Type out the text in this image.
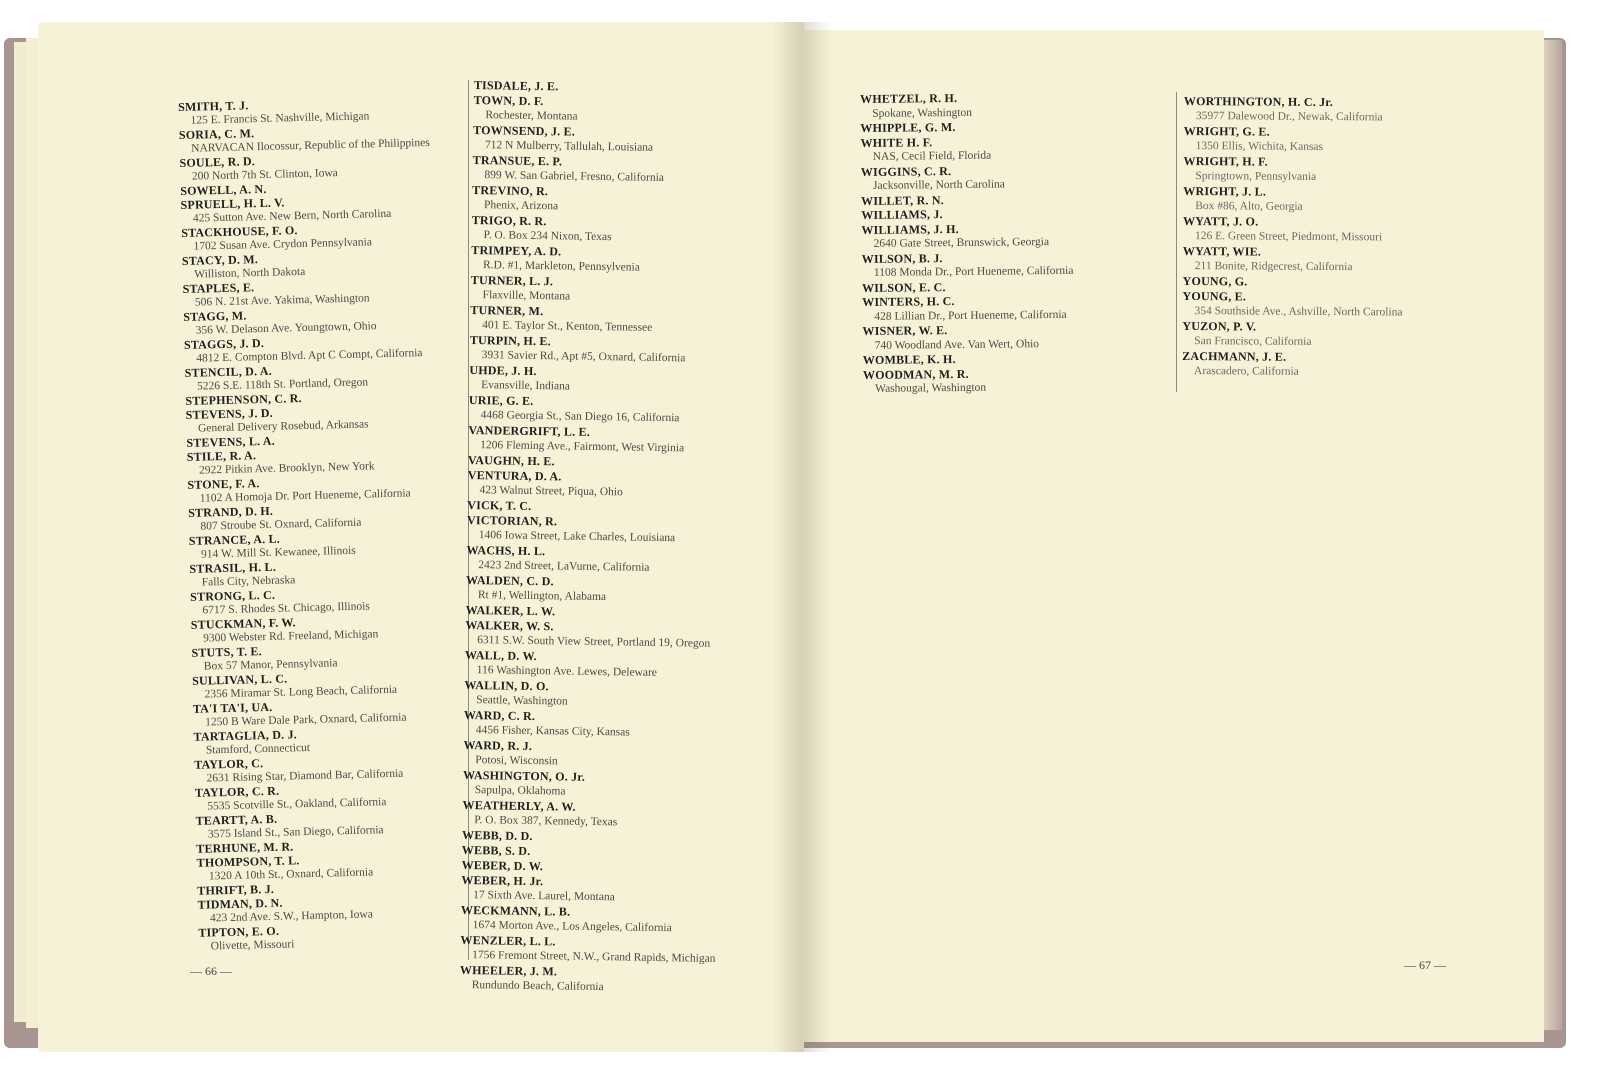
SMITH, T. J.
125 E. Francis St. Nashville, Michigan
SORIA, C. M.
NARVACAN Ilocossur, Republic of the Philippines
SOULE, R. D.
200 North 7th St. Clinton, Iowa
SOWELL, A. N.
SPRUELL, H. L. V.
425 Sutton Ave. New Bern, North Carolina
STACKHOUSE, F. O.
1702 Susan Ave. Crydon Pennsylvania
STACY, D. M.
Williston, North Dakota
STAPLES, E.
506 N. 21st Ave. Yakima, Washington
STAGG, M.
356 W. Delason Ave. Youngtown, Ohio
STAGGS, J. D.
4812 E. Compton Blvd. Apt C Compt, California
STENCIL, D. A.
5226 S.E. 118th St. Portland, Oregon
STEPHENSON, C. R.
STEVENS, J. D.
General Delivery Rosebud, Arkansas
STEVENS, L. A.
STILE, R. A.
2922 Pitkin Ave. Brooklyn, New York
STONE, F. A.
1102 A Homoja Dr. Port Hueneme, California
STRAND, D. H.
807 Stroube St. Oxnard, California
STRANCE, A. L.
914 W. Mill St. Kewanee, Illinois
STRASIL, H. L.
Falls City, Nebraska
STRONG, L. C.
6717 S. Rhodes St. Chicago, Illinois
STUCKMAN, F. W.
9300 Webster Rd. Freeland, Michigan
STUTS, T. E.
Box 57 Manor, Pennsylvania
SULLIVAN, L. C.
2356 Miramar St. Long Beach, California
TA'I TA'I, UA.
1250 B Ware Dale Park, Oxnard, California
TARTAGLIA, D. J.
Stamford, Connecticut
TAYLOR, C.
2631 Rising Star, Diamond Bar, California
TAYLOR, C. R.
5535 Scotville St., Oakland, California
TEARTT, A. B.
3575 Island St., San Diego, California
TERHUNE, M. R.
THOMPSON, T. L.
1320 A 10th St., Oxnard, California
THRIFT, B. J.
TIDMAN, D. N.
423 2nd Ave. S.W., Hampton, Iowa
TIPTON, E. O.
Olivette, Missouri
TISDALE, J. E.
TOWN, D. F.
Rochester, Montana
TOWNSEND, J. E.
712 N Mulberry, Tallulah, Louisiana
TRANSUE, E. P.
899 W. San Gabriel, Fresno, California
TREVINO, R.
Phenix, Arizona
TRIGO, R. R.
P. O. Box 234 Nixon, Texas
TRIMPEY, A. D.
R.D. #1, Markleton, Pennsylvenia
TURNER, L. J.
Flaxville, Montana
TURNER, M.
401 E. Taylor St., Kenton, Tennessee
TURPIN, H. E.
3931 Savier Rd., Apt #5, Oxnard, California
UHDE, J. H.
Evansville, Indiana
URIE, G. E.
4468 Georgia St., San Diego 16, California
VANDERGRIFT, L. E.
1206 Fleming Ave., Fairmont, West Virginia
VAUGHN, H. E.
VENTURA, D. A.
423 Walnut Street, Piqua, Ohio
VICK, T. C.
VICTORIAN, R.
1406 Iowa Street, Lake Charles, Louisiana
WACHS, H. L.
2423 2nd Street, LaVurne, California
WALDEN, C. D.
Rt #1, Wellington, Alabama
WALKER, L. W.
WALKER, W. S.
6311 S.W. South View Street, Portland 19, Oregon
WALL, D. W.
116 Washington Ave. Lewes, Deleware
WALLIN, D. O.
Seattle, Washington
WARD, C. R.
4456 Fisher, Kansas City, Kansas
WARD, R. J.
Potosi, Wisconsin
WASHINGTON, O. Jr.
Sapulpa, Oklahoma
WEATHERLY, A. W.
P. O. Box 387, Kennedy, Texas
WEBB, D. D.
WEBB, S. D.
WEBER, D. W.
WEBER, H. Jr.
17 Sixth Ave. Laurel, Montana
WECKMANN, L. B.
1674 Morton Ave., Los Angeles, California
WENZLER, L. L.
1756 Fremont Street, N.W., Grand Rapids, Michigan
WHEELER, J. M.
Rundundo Beach, California
WHETZEL, R. H.
Spokane, Washington
WHIPPLE, G. M.
WHITE H. F.
NAS, Cecil Field, Florida
WIGGINS, C. R.
Jacksonville, North Carolina
WILLET, R. N.
WILLIAMS, J.
WILLIAMS, J. H.
2640 Gate Street, Brunswick, Georgia
WILSON, B. J.
1108 Monda Dr., Port Hueneme, California
WILSON, E. C.
WINTERS, H. C.
428 Lillian Dr., Port Hueneme, California
WISNER, W. E.
740 Woodland Ave. Van Wert, Ohio
WOMBLE, K. H.
WOODMAN, M. R.
Washougal, Washington
WORTHINGTON, H. C. Jr.
35977 Dalewood Dr., Newak, California
WRIGHT, G. E.
1350 Ellis, Wichita, Kansas
WRIGHT, H. F.
Springtown, Pennsylvania
WRIGHT, J. L.
Box #86, Alto, Georgia
WYATT, J. O.
126 E. Green Street, Piedmont, Missouri
WYATT, WIE.
211 Bonite, Ridgecrest, California
YOUNG, G.
YOUNG, E.
354 Southside Ave., Ashville, North Carolina
YUZON, P. V.
San Francisco, California
ZACHMANN, J. E.
Arascadero, California
— 66 —	— 67 —
